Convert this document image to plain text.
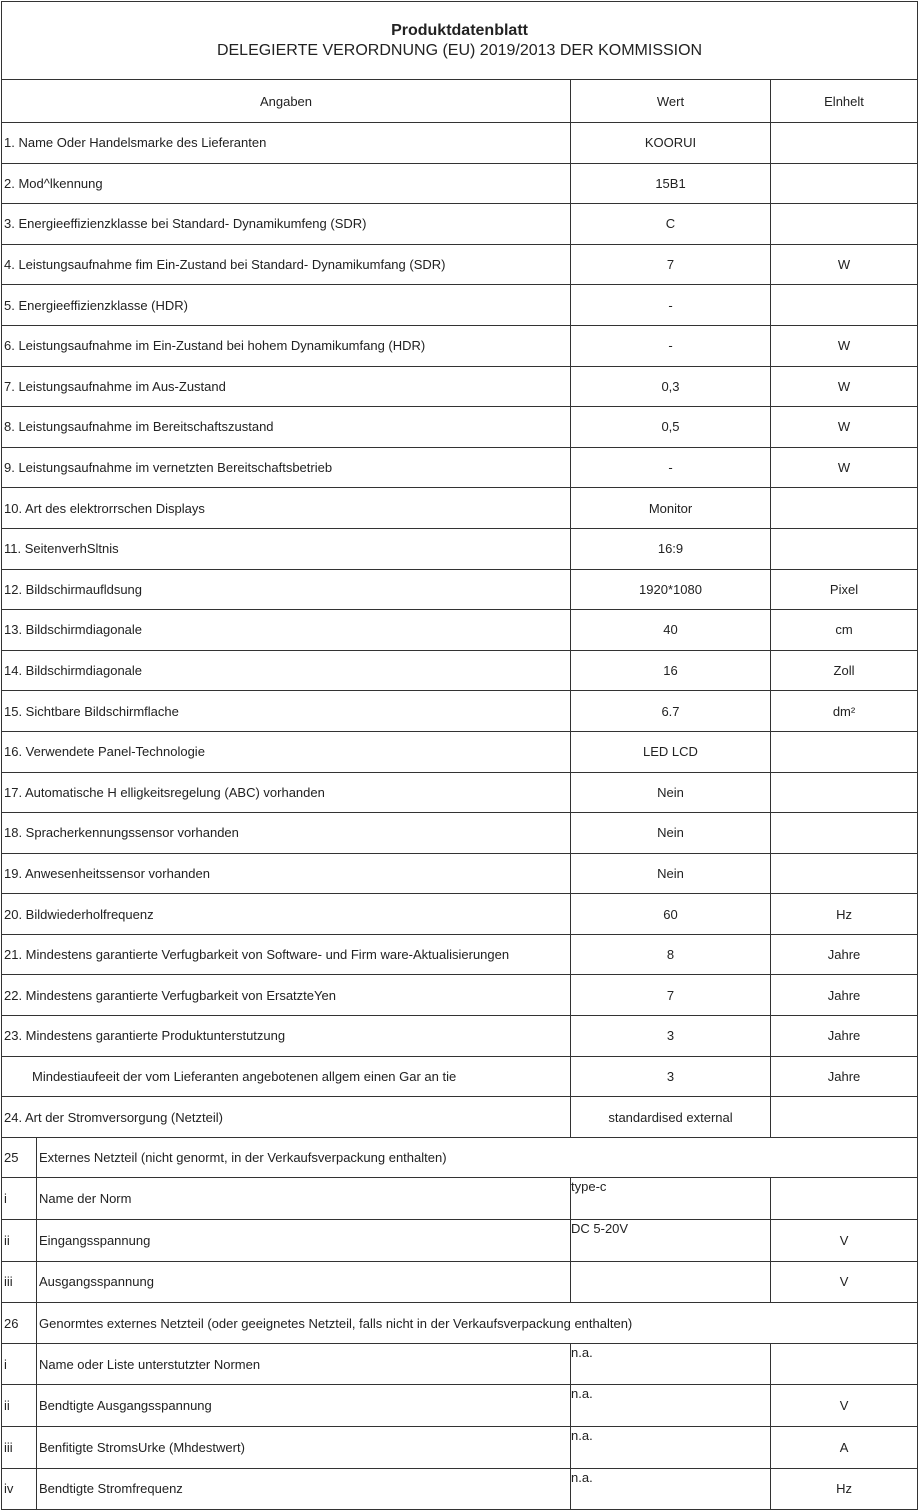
Produktdatenblatt
DELEGIERTE VERORDNUNG (EU) 2019/2013 DER KOMMISSION			

Angaben		Wert	Elnhelt
1. Name Oder Handelsmarke des Lieferanten		KOORUI	
2. Mod^lkennung		15B1	
3. Energieeffizienzklasse bei Standard- Dynamikumfeng (SDR)		C	
4. Leistungsaufnahme fim Ein-Zustand bei Standard- Dynamikumfang (SDR)		7	W
5. Energieeffizienzklasse (HDR)		-	
6. Leistungsaufnahme im Ein-Zustand bei hohem Dynamikumfang (HDR)		-	W
7. Leistungsaufnahme im Aus-Zustand		0,3	W
8. Leistungsaufnahme im Bereitschaftszustand		0,5	W
9. Leistungsaufnahme im vernetzten Bereitschaftsbetrieb		-	W
10. Art des elektrorrschen Displays		Monitor	
11. SeitenverhSltnis		16:9	
12. Bildschirmaufldsung		1920*1080	Pixel
13. Bildschirmdiagonale		40	cm
14. Bildschirmdiagonale		16	Zoll
15. Sichtbare Bildschirmflache		6.7	dm²
16. Verwendete Panel-Technologie		LED LCD	
17. Automatische H elligkeitsregelung (ABC) vorhanden		Nein	
18. Spracherkennungssensor vorhanden		Nein	
19. Anwesenheitssensor vorhanden		Nein	
20. Bildwiederholfrequenz		60	Hz
21. Mindestens garantierte Verfugbarkeit von Software- und Firm ware-Aktualisierungen		8	Jahre
22. Mindestens garantierte Verfugbarkeit von ErsatzteYen		7	Jahre
23. Mindestens garantierte Produktunterstutzung		3	Jahre
Mindestiaufeeit der vom Lieferanten angebotenen allgem einen Gar an tie		3	Jahre
24. Art der Stromversorgung (Netzteil)		standardised external	
25	Externes Netzteil (nicht genormt, in der Verkaufsverpackung enthalten)		
i	Name der Norm	type-c	
ii	Eingangsspannung	DC 5-20V	V
iii	Ausgangsspannung		V
26	Genormtes externes Netzteil (oder geeignetes Netzteil, falls nicht in der Verkaufsverpackung enthalten)		
i	Name oder Liste unterstutzter Normen	n.a.	
ii	Bendtigte Ausgangsspannung	n.a.	V
iii	Benfitigte StromsUrke (Mhdestwert)	n.a.	A
iv	Bendtigte Stromfrequenz	n.a.	Hz
